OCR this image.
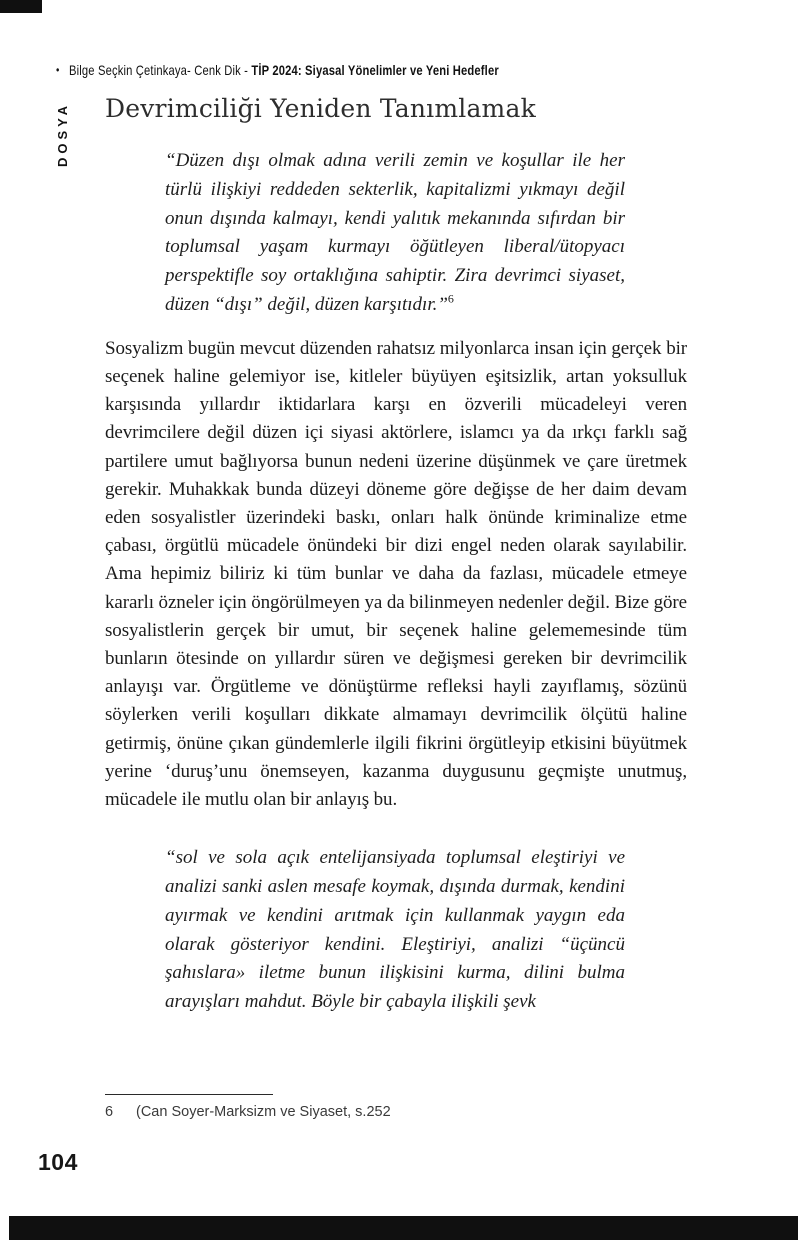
• Bilge Seçkin Çetinkaya- Cenk Dik - TİP 2024: Siyasal Yönelimler ve Yeni Hedefler
DOSYA Devrimciliği Yeniden Tanımlamak

“Düzen dışı olmak adına verili zemin ve koşullar ile her türlü ilişkiyi reddeden sekterlik, kapitalizmi yıkmayı değil onun dışında kalmayı, kendi yalıtık mekanında sıfırdan bir toplumsal yaşam kurmayı öğütleyen liberal/ütopyacı perspektifle soy ortaklığına sahiptir. Zira devrimci siyaset, düzen “dışı” değil, düzen karşıtıdır.”$^6$

Sosyalizm bugün mevcut düzenden rahatsız milyonlarca insan için gerçek bir seçenek haline gelemiyor ise, kitleler büyüyen eşitsizlik, artan yoksulluk karşısında yıllardır iktidarlara karşı en özverili mücadeleyi veren devrimcilere değil düzen içi siyasi aktörlere, islamcı ya da ırkçı farklı sağ partilere umut bağlıyorsa bunun nedeni üzerine düşünmek ve çare üretmek gerekir. Muhakkak bunda düzeyi döneme göre değişse de her daim devam eden sosyalistler üzerindeki baskı, onları halk önünde kriminalize etme çabası, örgütlü mücadele önündeki bir dizi engel neden olarak sayılabilir. Ama hepimiz biliriz ki tüm bunlar ve daha da fazlası, mücadele etmeye kararlı özneler için öngörülmeyen ya da bilinmeyen nedenler değil. Bize göre sosyalistlerin gerçek bir umut, bir seçenek haline gelememesinde tüm bunların ötesinde on yıllardır süren ve değişmesi gereken bir devrimcilik anlayışı var. Örgütleme ve dönüştürme refleksi hayli zayıflamış, sözünü söylerken verili koşulları dikkate almamayı devrimcilik ölçütü haline getirmiş, önüne çıkan gündemlerle ilgili fikrini örgütleyip etkisini büyütmek yerine ‘duruş’unu önemseyen, kazanma duygusunu geçmişte unutmuş, mücadele ile mutlu olan bir anlayış bu.

“sol ve sola açık entelijansiyada toplumsal eleştiriyi ve analizi sanki aslen mesafe koymak, dışında durmak, kendini ayırmak ve kendini arıtmak için kullanmak yaygın eda olarak gösteriyor kendini. Eleştiriyi, analizi “üçüncü şahıslara» iletme bunun ilişkisini kurma, dilini bulma arayışları mahdut. Böyle bir çabayla ilişkili şevk

6 (Can Soyer-Marksizm ve Siyaset, s.252
104
